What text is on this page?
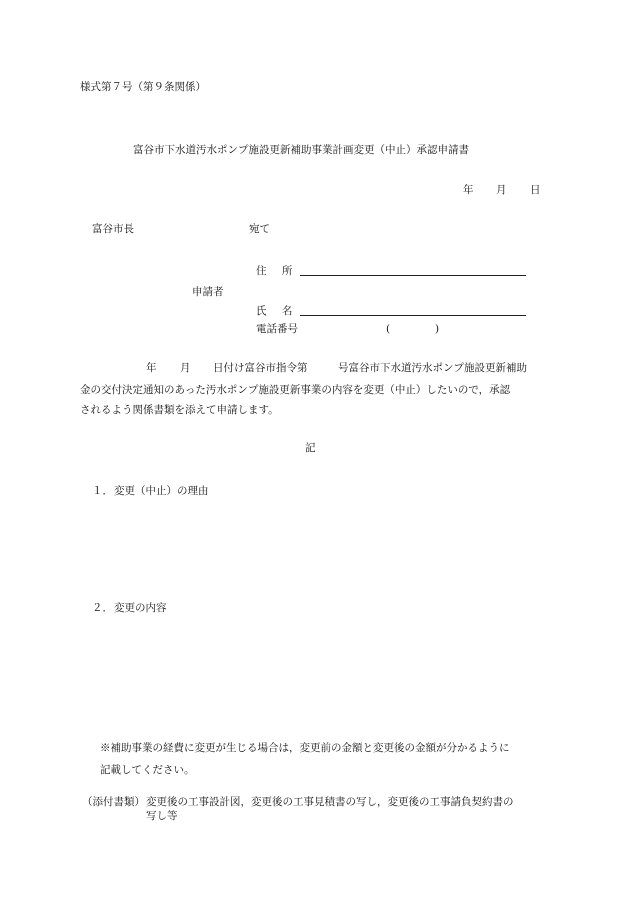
様式第７号（第９条関係）
富谷市下水道汚水ポンプ施設更新補助事業計画変更（中止）承認申請書
年 月 日
富谷市長	宛て
住 所
申請者
氏 名
電話番号	(	)
年 月 日付け富谷市指令第	号富谷市下水道汚水ポンプ施設更新補助
金の交付決定通知のあった汚水ポンプ施設更新事業の内容を変更（中止）したいので，承認
されるよう関係書類を添えて申請します。
記
１． 変更（中止）の理由
２． 変更の内容
※補助事業の経費に変更が生じる場合は，変更前の金額と変更後の金額が分かるように
記載してください。
（添付書類） 変更後の工事設計図，変更後の工事見積書の写し，変更後の工事請負契約書の
写し等
